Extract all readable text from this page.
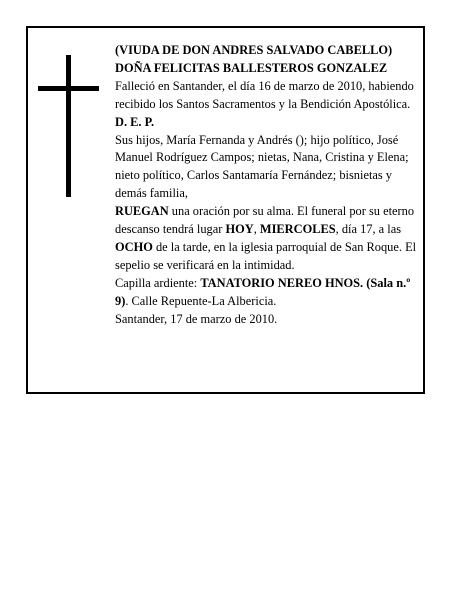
(VIUDA DE DON ANDRES SALVADO CABELLO)

DOÑA FELICITAS BALLESTEROS GONZALEZ

Falleció en Santander, el día 16 de marzo de 2010, habiendo recibido los Santos Sacramentos y la Bendición Apostólica.

D. E. P.

Sus hijos, María Fernanda y Andrés (); hijo político, José Manuel Rodríguez Campos; nietas, Nana, Cristina y Elena; nieto político, Carlos Santamaría Fernández; bisnietas y demás familia,

RUEGAN una oración por su alma. El funeral por su eterno descanso tendrá lugar HOY, MIERCOLES, día 17, a las OCHO de la tarde, en la iglesia parroquial de San Roque. El sepelio se verificará en la intimidad.

Capilla ardiente: TANATORIO NEREO HNOS. (Sala n.º 9). Calle Repuente-La Albericia.

Santander, 17 de marzo de 2010.
